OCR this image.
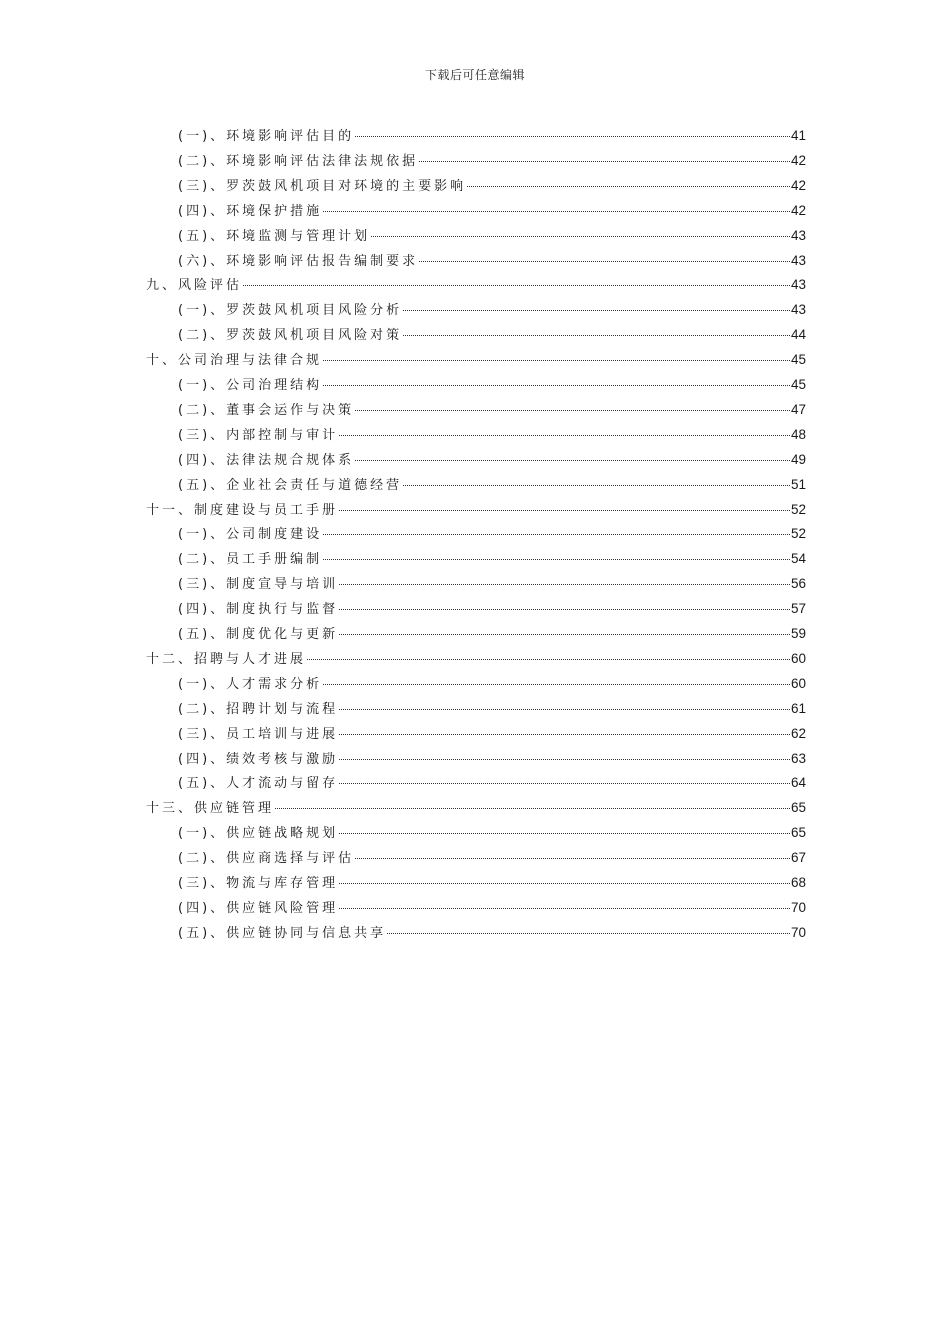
下载后可任意编辑
(一)、环境影响评估目的	41
(二)、环境影响评估法律法规依据	42
(三)、罗茨鼓风机项目对环境的主要影响	42
(四)、环境保护措施	42
(五)、环境监测与管理计划	43
(六)、环境影响评估报告编制要求	43
九、风险评估	43
(一)、罗茨鼓风机项目风险分析	43
(二)、罗茨鼓风机项目风险对策	44
十、公司治理与法律合规	45
(一)、公司治理结构	45
(二)、董事会运作与决策	47
(三)、内部控制与审计	48
(四)、法律法规合规体系	49
(五)、企业社会责任与道德经营	51
十一、制度建设与员工手册	52
(一)、公司制度建设	52
(二)、员工手册编制	54
(三)、制度宣导与培训	56
(四)、制度执行与监督	57
(五)、制度优化与更新	59
十二、招聘与人才进展	60
(一)、人才需求分析	60
(二)、招聘计划与流程	61
(三)、员工培训与进展	62
(四)、绩效考核与激励	63
(五)、人才流动与留存	64
十三、供应链管理	65
(一)、供应链战略规划	65
(二)、供应商选择与评估	67
(三)、物流与库存管理	68
(四)、供应链风险管理	70
(五)、供应链协同与信息共享	70
